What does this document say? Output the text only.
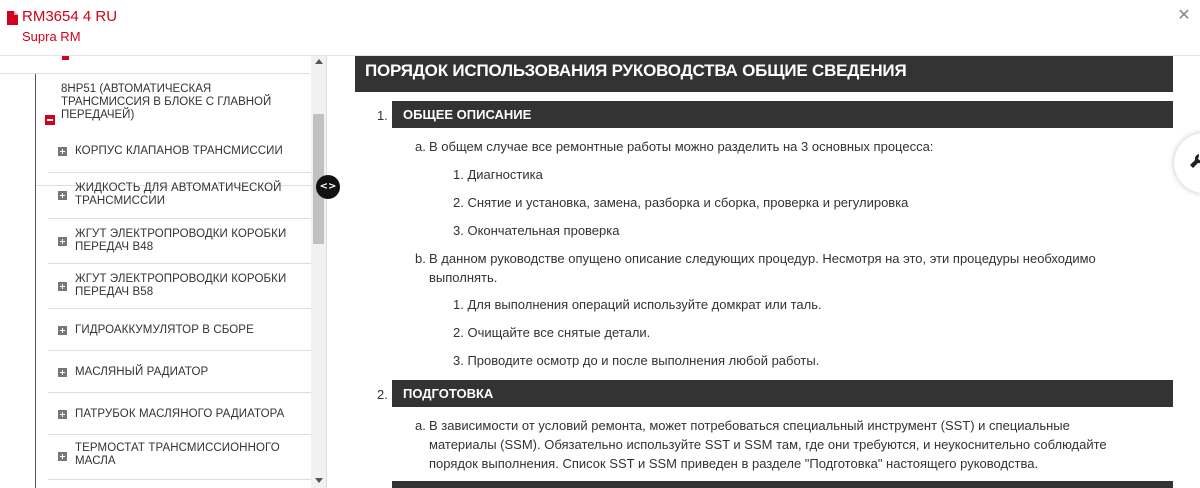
RM3654 4 RU
Supra RM
✕
8HP51 (АВТОМАТИЧЕСКАЯ ТРАНСМИССИЯ В БЛОКЕ С ГЛАВНОЙ ПЕРЕДАЧЕЙ)
КОРПУС КЛАПАНОВ ТРАНСМИССИИ
ЖИДКОСТЬ ДЛЯ АВТОМАТИЧЕСКОЙ ТРАНСМИССИИ
ЖГУТ ЭЛЕКТРОПРОВОДКИ КОРОБКИ ПЕРЕДАЧ B48
ЖГУТ ЭЛЕКТРОПРОВОДКИ КОРОБКИ ПЕРЕДАЧ B58
ГИДРОАККУМУЛЯТОР В СБОРЕ
МАСЛЯНЫЙ РАДИАТОР
ПАТРУБОК МАСЛЯНОГО РАДИАТОРА
ТЕРМОСТАТ ТРАНСМИССИОННОГО МАСЛА
<>
ПОРЯДОК ИСПОЛЬЗОВАНИЯ РУКОВОДСТВА ОБЩИЕ СВЕДЕНИЯ
1. ОБЩЕЕ ОПИСАНИЕ
a. В общем случае все ремонтные работы можно разделить на 3 основных процесса:
1. Диагностика
2. Снятие и установка, замена, разборка и сборка, проверка и регулировка
3. Окончательная проверка
b. В данном руководстве опущено описание следующих процедур. Несмотря на это, эти процедуры необходимо
выполнять.
1. Для выполнения операций используйте домкрат или таль.
2. Очищайте все снятые детали.
3. Проводите осмотр до и после выполнения любой работы.
2. ПОДГОТОВКА
a. В зависимости от условий ремонта, может потребоваться специальный инструмент (SST) и специальные
материалы (SSM). Обязательно используйте SST и SSM там, где они требуются, и неукоснительно соблюдайте
порядок выполнения. Список SST и SSM приведен в разделе "Подготовка" настоящего руководства.
